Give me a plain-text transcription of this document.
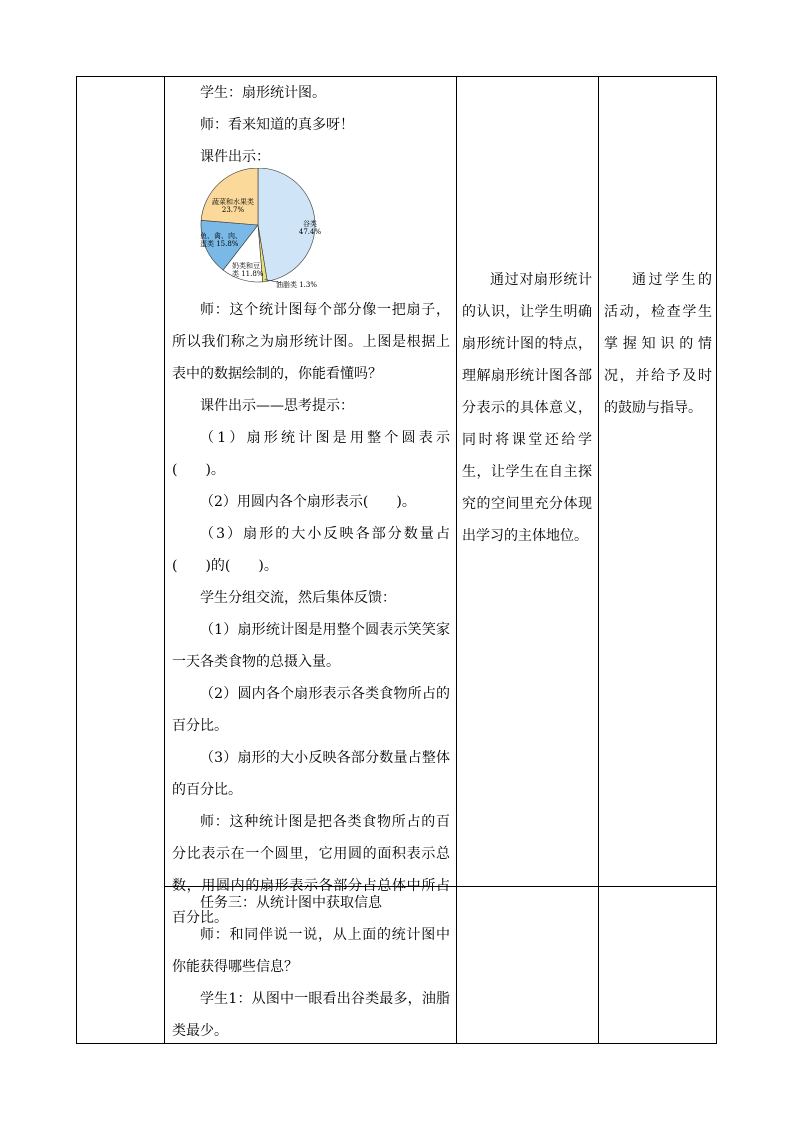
学生：扇形统计图。

师：看来知道的真多呀！

课件出示：

蔬菜和水果类
23.7%
谷类
47.4%
鱼、禽、肉、
蛋类 15.8%
奶类和豆
类 11.8%
油脂类 1.3%

师：这个统计图每个部分像一把扇子，所以我们称之为扇形统计图。上图是根据上表中的数据绘制的，你能看懂吗？

课件出示——思考提示：

（1）扇形统计图是用整个圆表示(　　)。

（2）用圆内各个扇形表示(　　)。

（3）扇形的大小反映各部分数量占(　　)的(　　)。

学生分组交流，然后集体反馈：

（1）扇形统计图是用整个圆表示笑笑家一天各类食物的总摄入量。

（2）圆内各个扇形表示各类食物所占的百分比。

（3）扇形的大小反映各部分数量占整体的百分比。

师：这种统计图是把各类食物所占的百分比表示在一个圆里，它用圆的面积表示总数，用圆内的扇形表示各部分占总体中所占百分比。

通过对扇形统计的认识，让学生明确扇形统计图的特点，理解扇形统计图各部分表示的具体意义，同时将课堂还给学生，让学生在自主探究的空间里充分体现出学习的主体地位。

通过学生的活动，检查学生掌握知识的情况，并给予及时的鼓励与指导。

任务三：从统计图中获取信息

师：和同伴说一说，从上面的统计图中你能获得哪些信息？

学生1：从图中一眼看出谷类最多，油脂类最少。
